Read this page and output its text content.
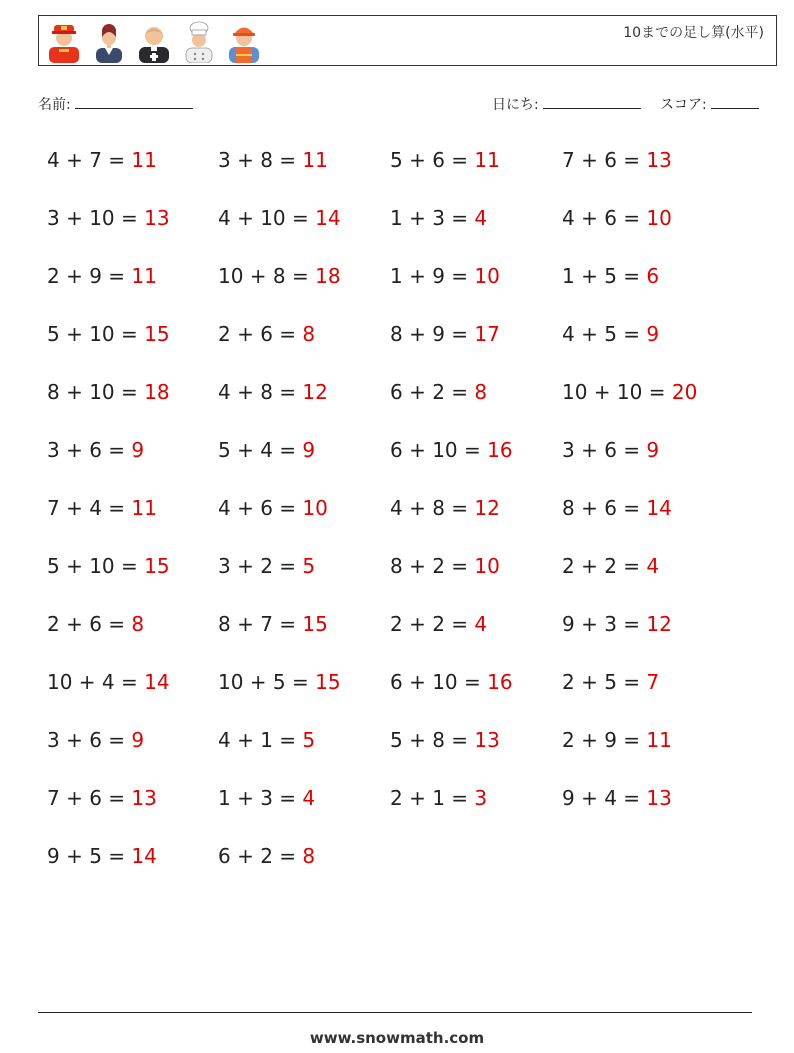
10までの足し算(水平)
名前:	日にち:	スコア:
4 + 7 = 11
3 + 10 = 13
2 + 9 = 11
5 + 10 = 15
8 + 10 = 18
3 + 6 = 9
7 + 4 = 11
5 + 10 = 15
2 + 6 = 8
10 + 4 = 14
3 + 6 = 9
7 + 6 = 13
9 + 5 = 14
3 + 8 = 11
4 + 10 = 14
10 + 8 = 18
2 + 6 = 8
4 + 8 = 12
5 + 4 = 9
4 + 6 = 10
3 + 2 = 5
8 + 7 = 15
10 + 5 = 15
4 + 1 = 5
1 + 3 = 4
6 + 2 = 8
5 + 6 = 11
1 + 3 = 4
1 + 9 = 10
8 + 9 = 17
6 + 2 = 8
6 + 10 = 16
4 + 8 = 12
8 + 2 = 10
2 + 2 = 4
6 + 10 = 16
5 + 8 = 13
2 + 1 = 3
7 + 6 = 13
4 + 6 = 10
1 + 5 = 6
4 + 5 = 9
10 + 10 = 20
3 + 6 = 9
8 + 6 = 14
2 + 2 = 4
9 + 3 = 12
2 + 5 = 7
2 + 9 = 11
9 + 4 = 13
www.snowmath.com
